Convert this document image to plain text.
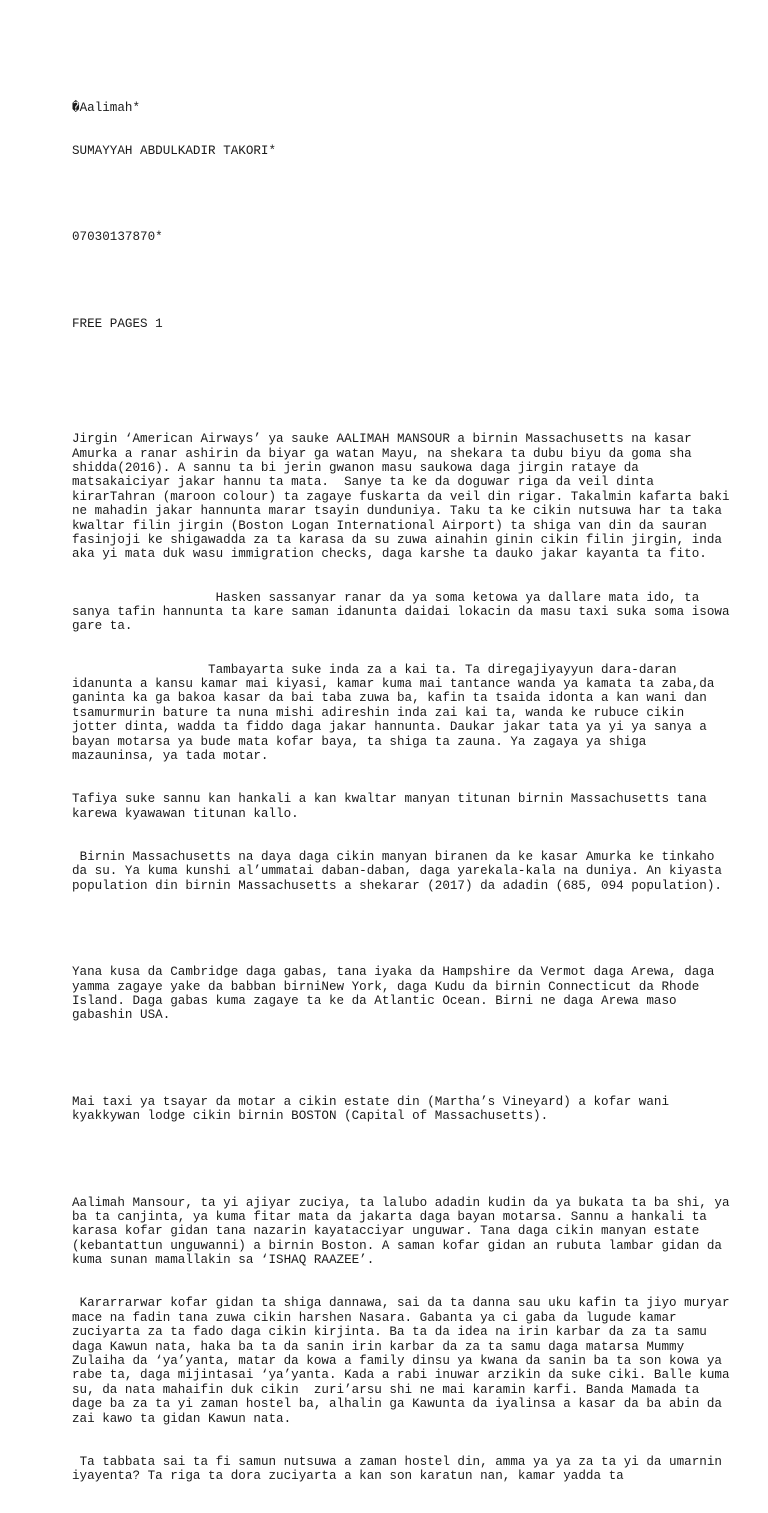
�Aalimah*

SUMAYYAH ABDULKADIR TAKORI*

07030137870*

FREE PAGES 1

Jirgin ‘American Airways’ ya sauke AALIMAH MANSOUR a birnin Massachusetts na kasar Amurka a ranar ashirin da biyar ga watan Mayu, na shekara ta dubu biyu da goma sha shidda(2016). A sannu ta bi jerin gwanon masu saukowa daga jirgin rataye da matsakaiciyar jakar hannu ta mata.  Sanye ta ke da doguwar riga da veil dinta kirarTahran (maroon colour) ta zagaye fuskarta da veil din rigar. Takalmin kafarta baki ne mahadin jakar hannunta marar tsayin dunduniya. Taku ta ke cikin nutsuwa har ta taka kwaltar filin jirgin (Boston Logan International Airport) ta shiga van din da sauran fasinjoji ke shigawadda za ta karasa da su zuwa ainahin ginin cikin filin jirgin, inda aka yi mata duk wasu immigration checks, daga karshe ta dauko jakar kayanta ta fito.

Hasken sassanyar ranar da ya soma ketowa ya dallare mata ido, ta sanya tafin hannunta ta kare saman idanunta daidai lokacin da masu taxi suka soma isowa gare ta.

Tambayarta suke inda za a kai ta. Ta diregajiyayyun dara-daran idanunta a kansu kamar mai kiyasi, kamar kuma mai tantance wanda ya kamata ta zaba,da ganinta ka ga bakoa kasar da bai taba zuwa ba, kafin ta tsaida idonta a kan wani dan tsamurmurin bature ta nuna mishi adireshin inda zai kai ta, wanda ke rubuce cikin jotter dinta, wadda ta fiddo daga jakar hannunta. Daukar jakar tata ya yi ya sanya a bayan motarsa ya bude mata kofar baya, ta shiga ta zauna. Ya zagaya ya shiga mazauninsa, ya tada motar.

Tafiya suke sannu kan hankali a kan kwaltar manyan titunan birnin Massachusetts tana karewa kyawawan titunan kallo.

Birnin Massachusetts na daya daga cikin manyan biranen da ke kasar Amurka ke tinkaho da su. Ya kuma kunshi al’ummatai daban-daban, daga yarekala-kala na duniya. An kiyasta population din birnin Massachusetts a shekarar (2017) da adadin (685, 094 population).

Yana kusa da Cambridge daga gabas, tana iyaka da Hampshire da Vermot daga Arewa, daga yamma zagaye yake da babban birniNew York, daga Kudu da birnin Connecticut da Rhode Island. Daga gabas kuma zagaye ta ke da Atlantic Ocean. Birni ne daga Arewa maso gabashin USA.

Mai taxi ya tsayar da motar a cikin estate din (Martha’s Vineyard) a kofar wani kyakkywan lodge cikin birnin BOSTON (Capital of Massachusetts).

Aalimah Mansour, ta yi ajiyar zuciya, ta lalubo adadin kudin da ya bukata ta ba shi, ya ba ta canjinta, ya kuma fitar mata da jakarta daga bayan motarsa. Sannu a hankali ta karasa kofar gidan tana nazarin kayatacciyar unguwar. Tana daga cikin manyan estate (kebantattun unguwanni) a birnin Boston. A saman kofar gidan an rubuta lambar gidan da kuma sunan mamallakin sa ‘ISHAQ RAAZEE’.

Kararrarwar kofar gidan ta shiga dannawa, sai da ta danna sau uku kafin ta jiyo muryar mace na fadin tana zuwa cikin harshen Nasara. Gabanta ya ci gaba da lugude kamar zuciyarta za ta fado daga cikin kirjinta. Ba ta da idea na irin karbar da za ta samu daga Kawun nata, haka ba ta da sanin irin karbar da za ta samu daga matarsa Mummy Zulaiha da ‘ya’yanta, matar da kowa a family dinsu ya kwana da sanin ba ta son kowa ya rabe ta, daga mijintasai ‘ya’yanta. Kada a rabi inuwar arzikin da suke ciki. Balle kuma su, da nata mahaifin duk cikin  zuri’arsu shi ne mai karamin karfi. Banda Mamada ta dage ba za ta yi zaman hostel ba, alhalin ga Kawunta da iyalinsa a kasar da ba abin da zai kawo ta gidan Kawun nata.

Ta tabbata sai ta fi samun nutsuwa a zaman hostel din, amma ya ya za ta yi da umarnin iyayenta? Ta riga ta dora zuciyarta a kan son karatun nan, kamar yadda ta
